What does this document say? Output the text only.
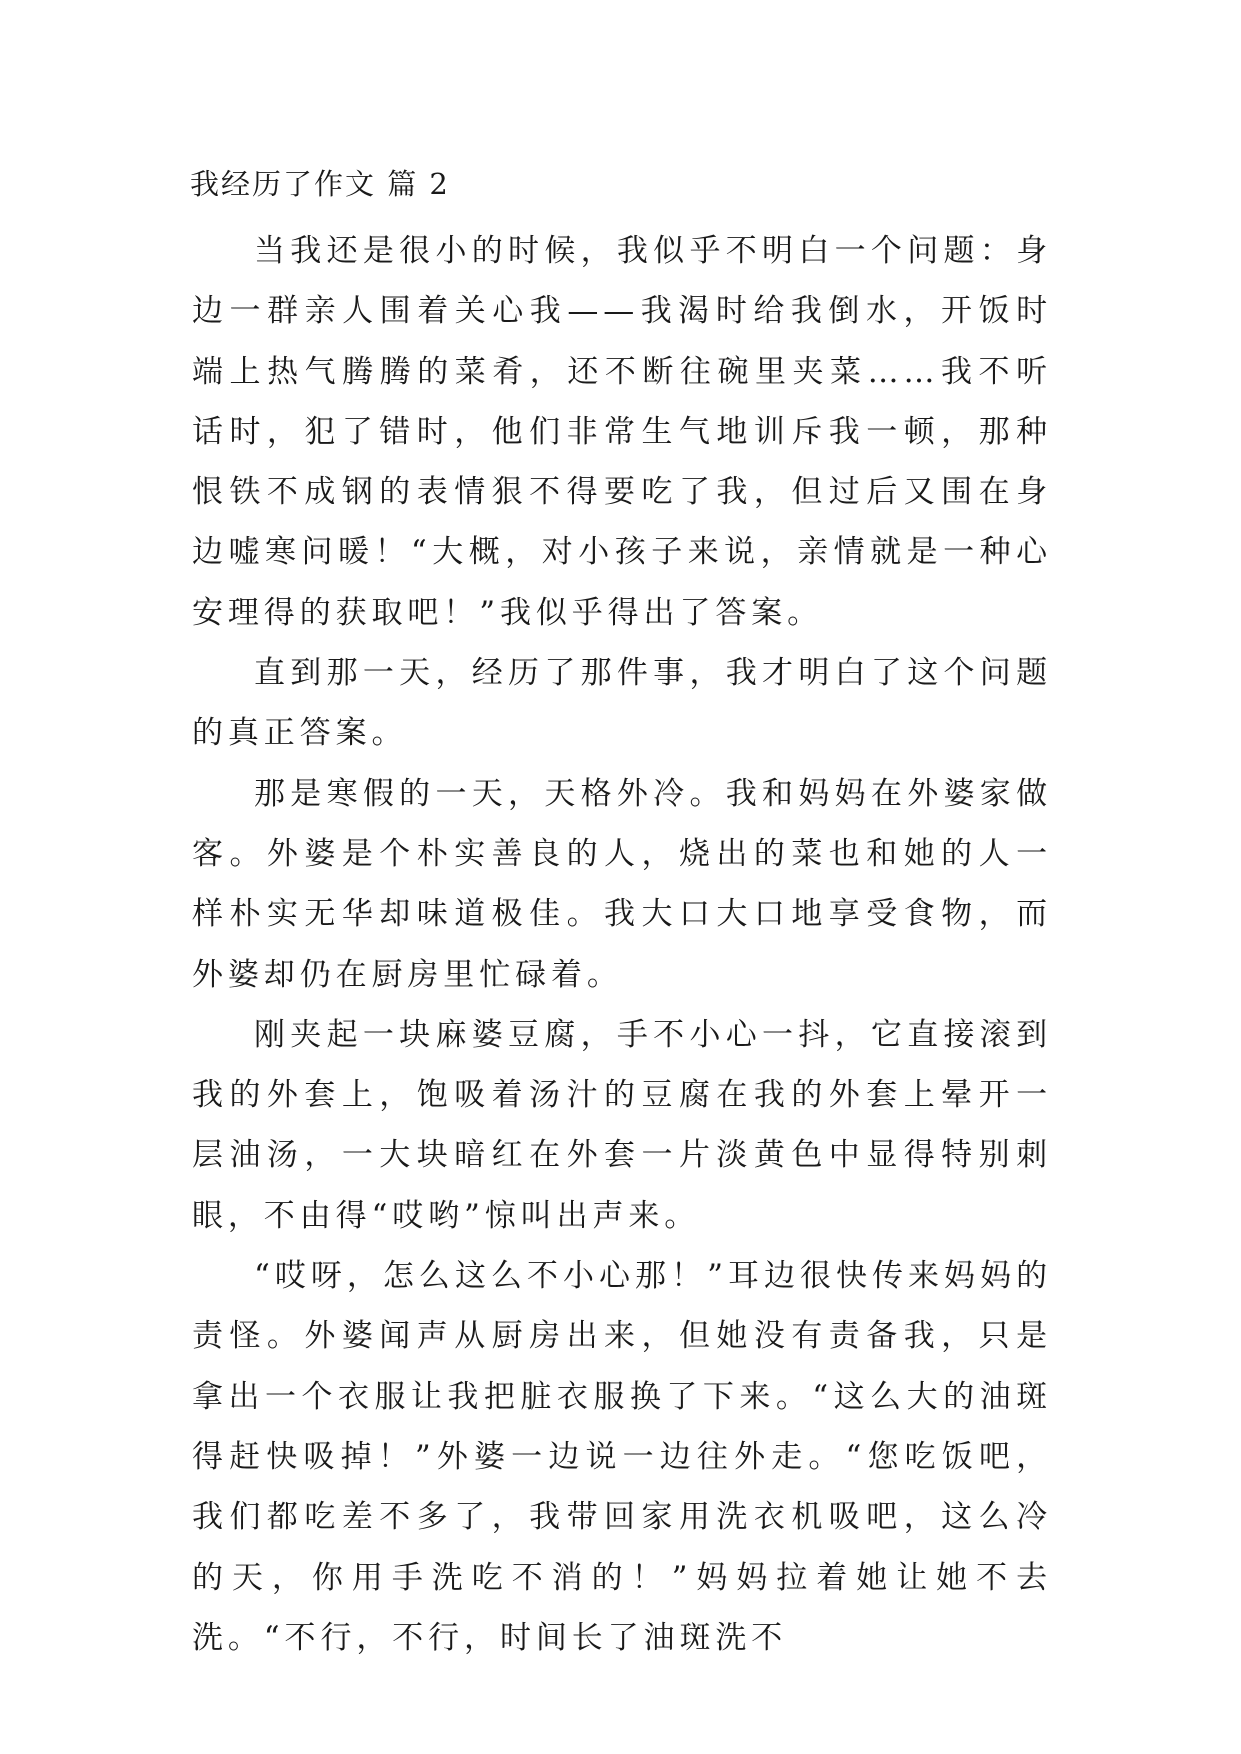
我经历了作文 篇 2

当我还是很小的时候，我似乎不明白一个问题：身边一群亲人围着关心我——我渴时给我倒水，开饭时端上热气腾腾的菜肴，还不断往碗里夹菜……我不听话时，犯了错时，他们非常生气地训斥我一顿，那种恨铁不成钢的表情狠不得要吃了我，但过后又围在身边嘘寒问暖！“大概，对小孩子来说，亲情就是一种心安理得的获取吧！”我似乎得出了答案。

直到那一天，经历了那件事，我才明白了这个问题的真正答案。

那是寒假的一天，天格外冷。我和妈妈在外婆家做客。外婆是个朴实善良的人，烧出的菜也和她的人一样朴实无华却味道极佳。我大口大口地享受食物，而外婆却仍在厨房里忙碌着。

刚夹起一块麻婆豆腐，手不小心一抖，它直接滚到我的外套上，饱吸着汤汁的豆腐在我的外套上晕开一层油汤，一大块暗红在外套一片淡黄色中显得特别刺眼，不由得“哎哟”惊叫出声来。

“哎呀，怎么这么不小心那！”耳边很快传来妈妈的责怪。外婆闻声从厨房出来，但她没有责备我，只是拿出一个衣服让我把脏衣服换了下来。“这么大的油斑得赶快吸掉！”外婆一边说一边往外走。“您吃饭吧，我们都吃差不多了，我带回家用洗衣机吸吧，这么冷的天，你用手洗吃不消的！”妈妈拉着她让她不去洗。“不行，不行，时间长了油斑洗不
